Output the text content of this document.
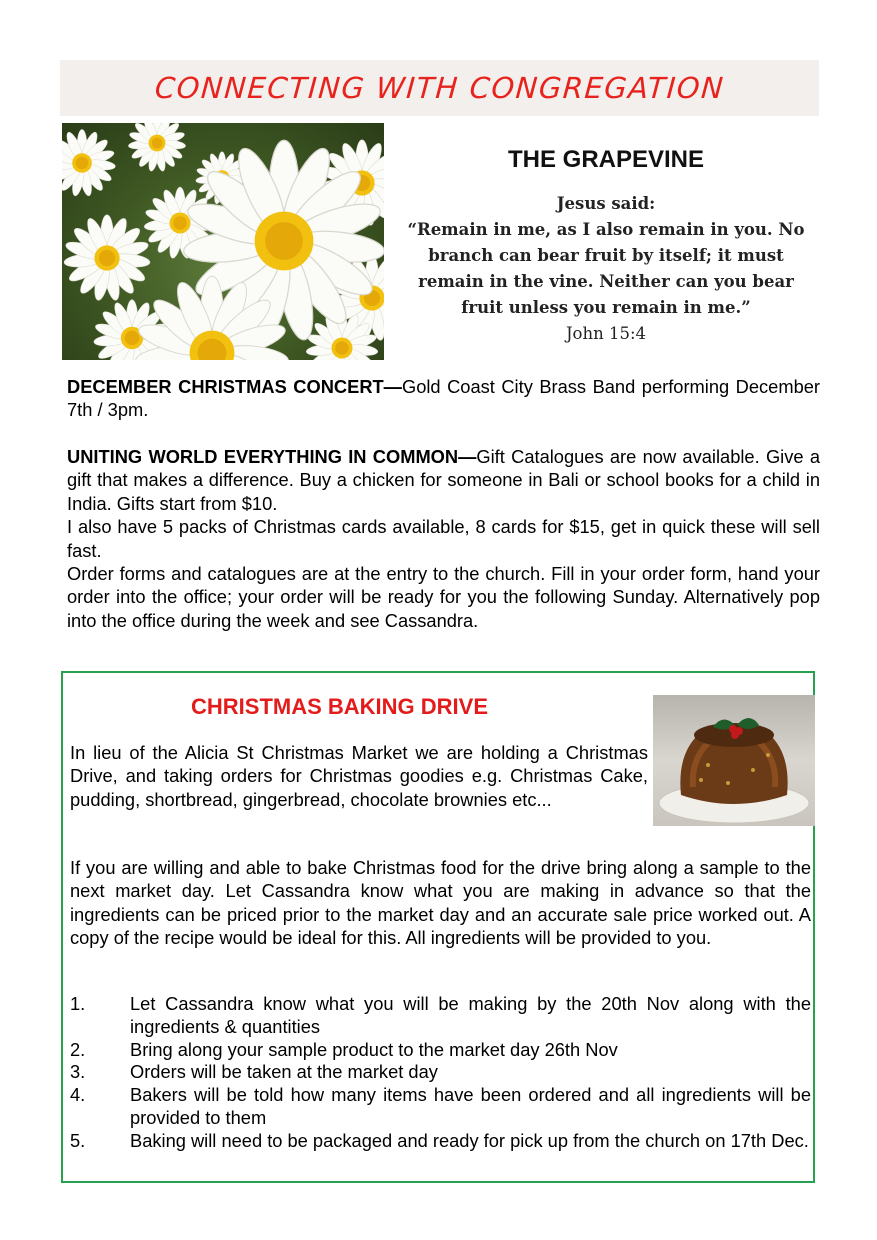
CONNECTING WITH CONGREGATION
THE GRAPEVINE
Jesus said:
“Remain in me, as I also remain in you. No branch can bear fruit by itself; it must remain in the vine. Neither can you bear fruit unless you remain in me.”
John 15:4
DECEMBER CHRISTMAS CONCERT—Gold Coast City Brass Band performing December 7th / 3pm.
UNITING WORLD EVERYTHING IN COMMON—Gift Catalogues are now available. Give a gift that makes a difference. Buy a chicken for someone in Bali or school books for a child in India. Gifts start from $10.
I also have 5 packs of Christmas cards available, 8 cards for $15, get in quick these will sell fast.
Order forms and catalogues are at the entry to the church. Fill in your order form, hand your order into the office; your order will be ready for you the following Sunday. Alternatively pop into the office during the week and see Cassandra.
CHRISTMAS BAKING DRIVE
In lieu of the Alicia St Christmas Market we are holding a Christmas Drive, and taking orders for Christmas goodies e.g. Christmas Cake, pudding, shortbread, gingerbread, chocolate brownies etc...
If you are willing and able to bake Christmas food for the drive bring along a sample to the next market day. Let Cassandra know what you are making in advance so that the ingredients can be priced prior to the market day and an accurate sale price worked out. A copy of the recipe would be ideal for this. All ingredients will be provided to you.
1.	Let Cassandra know what you will be making by the 20th Nov along with the ingredients & quantities
2.	Bring along your sample product to the market day 26th Nov
3.	Orders will be taken at the market day
4.	Bakers will be told how many items have been ordered and all ingredients will be provided to them
5.	Baking will need to be packaged and ready for pick up from the church on 17th Dec.
